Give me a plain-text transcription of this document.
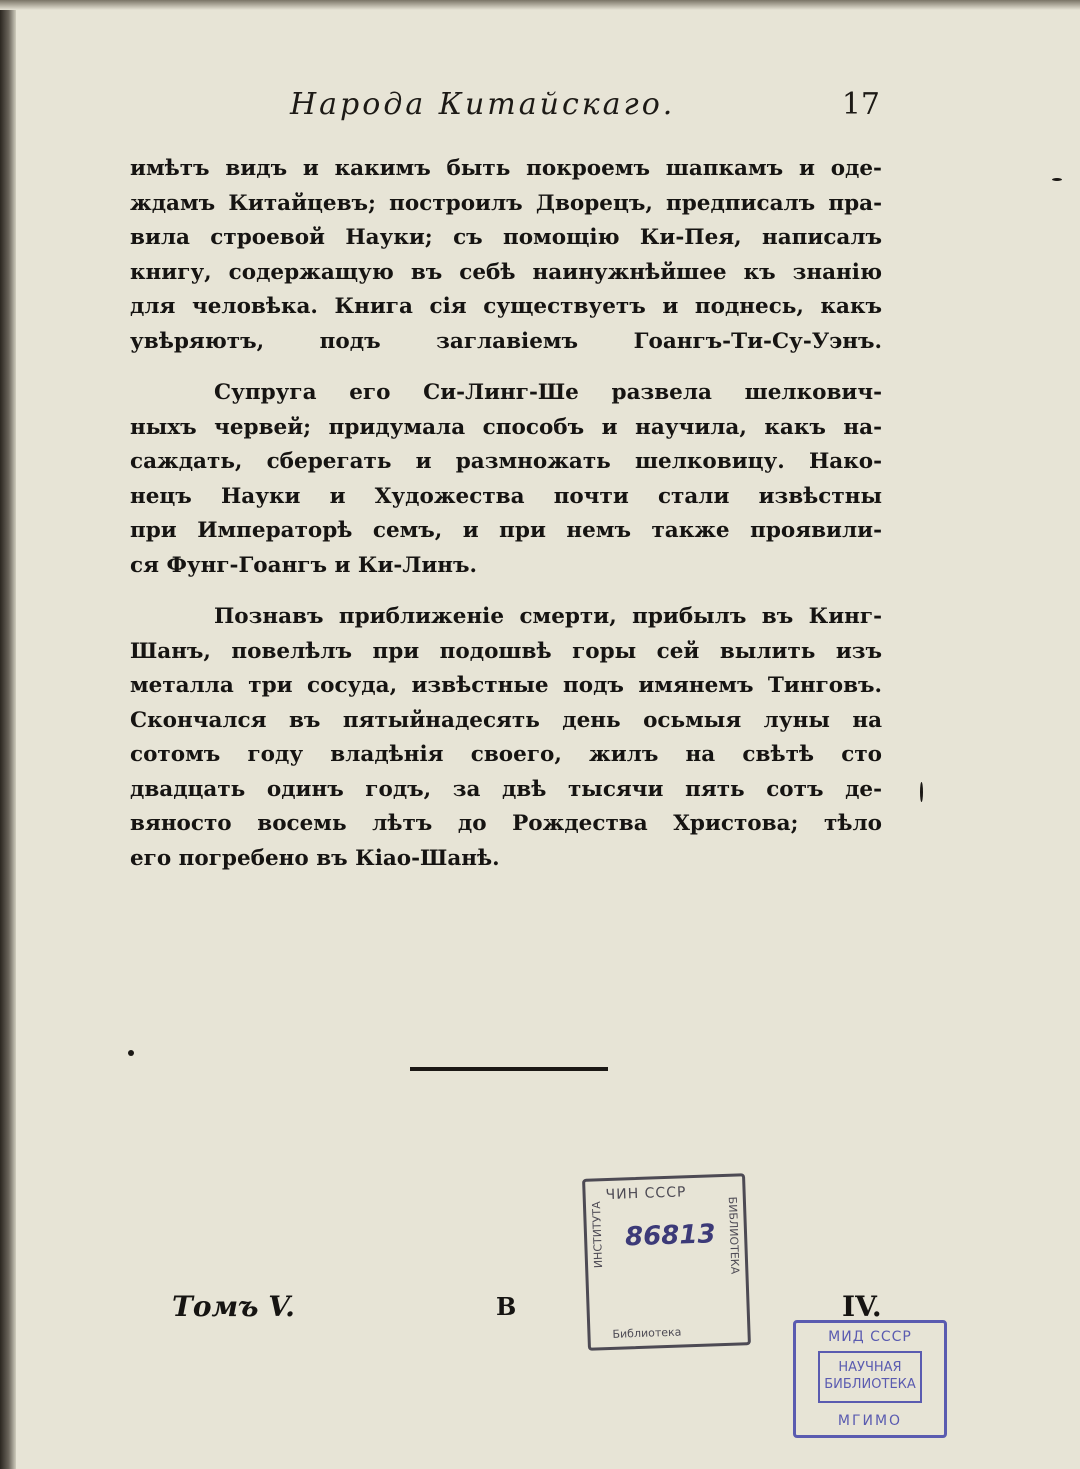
Народа Китайскаго.	17
имѣтъ видъ и какимъ быть покроемъ шапкамъ и оде-
ждамъ Китайцевъ; построилъ Дворецъ, предписалъ пра-
вила строевой Науки; съ помощію Ки-Пея, написалъ
книгу, содержащую въ себѣ наинужнѣйшее къ знанію
для человѣка. Книга сія существуетъ и поднесь, какъ
увѣряютъ, подъ заглавіемъ Гоангъ-Ти-Су-Уэнъ.
Супруга его Си-Линг-Ше развела шелкович-
ныхъ червей; придумала способъ и научила, какъ на-
саждать, сберегать и размножать шелковицу. Нако-
нецъ Науки и Художества почти стали извѣстны
при Императорѣ семъ, и при немъ также проявили-
ся Фунг-Гоангъ и Ки-Линъ.
Познавъ приближеніе смерти, прибылъ въ Кинг-
Шанъ, повелѣлъ при подошвѣ горы сей вылить изъ
металла три сосуда, извѣстные подъ имянемъ Тинговъ.
Скончался въ пятыйнадесять день осьмыя луны на
сотомъ году владѣнія своего, жилъ на свѣтѣ сто
двадцать одинъ годъ, за двѣ тысячи пять сотъ де-
вяносто восемь лѣтъ до Рождества Христова; тѣло
его погребено въ Кіао-Шанѣ.
Томъ V.	В	IV.
ЧИН СССР
ИНСТИТУТА 86813 БИБЛИОТЕКА
Библиотека	МИД СССР
НАУЧНАЯ БИБЛИОТЕКА
МГИМО
